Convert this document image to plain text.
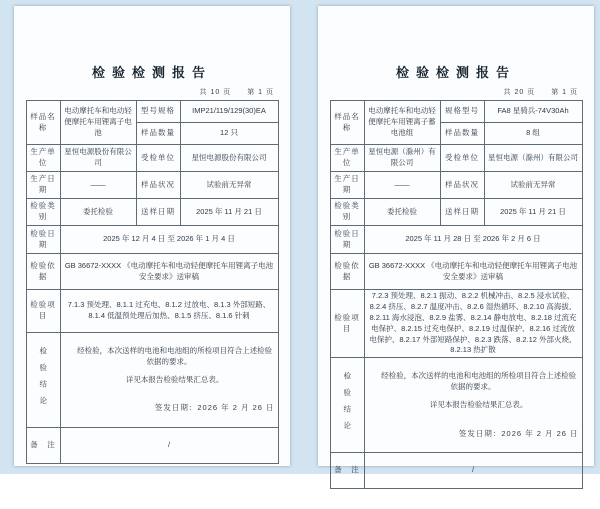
检验检测报告
共 10 页　　第 1 页
样品名称	电动摩托车和电动轻便摩托车用锂离子电池	型号规格	IMP21/119/129(30)EA
		样品数量	12 只
生产单位	星恒电源股份有限公司	受检单位	星恒电源股份有限公司
生产日期	——	样品状况	试验前无异常
检验类别	委托检验	送样日期	2025 年 11 月 21 日
检验日期	2025 年 12 月 4 日 至 2026 年 1 月 4 日		
检验依据	GB 36672-XXXX 《电动摩托车和电动轻便摩托车用锂离子电池安全要求》送审稿		
检验项目	7.1.3 预处理、8.1.1 过充电、8.1.2 过放电、8.1.3 外部短路、8.1.4 低温预处理后加热、8.1.5 挤压、8.1.6 针刺		

检验结论	经检验，本次送样的电池和电池组的所检项目符合上述检验依据的要求。
详见本报告检验结果汇总表。
签发日期：2026 年 2 月 26 日		

备　注	/		
检验检测报告
共 20 页　　第 1 页
样品名称	电动摩托车和电动轻便摩托车用锂离子蓄电池组	规格型号	FA8 星骑兵-74V30Ah
		样品数量	8 组
生产单位	星恒电源（滁州）有限公司	受检单位	星恒电源（滁州）有限公司
生产日期	——	样品状况	试验前无异常
检验类别	委托检验	送样日期	2025 年 11 月 21 日
检验日期	2025 年 11 月 28 日 至 2026 年 2 月 6 日		
检验依据	GB 36672-XXXX 《电动摩托车和电动轻便摩托车用锂离子电池安全要求》送审稿		
检验项目	7.2.3 预处理、8.2.1 振动、8.2.2 机械冲击、8.2.5 浸水试验、8.2.4 挤压、8.2.7 温度冲击、8.2.6 湿热循环、8.2.10 高海拔、8.2.11 海水浸泡、8.2.9 盐雾、8.2.14 静电放电、8.2.18 过流充电保护、8.2.15 过充电保护、8.2.19 过温保护、8.2.16 过流放电保护、8.2.17 外部短路保护、8.2.3 跌落、8.2.12 外部火烧、8.2.13 热扩散		

检验结论	经检验，本次送样的电池和电池组的所检项目符合上述检验依据的要求。
详见本报告检验结果汇总表。
签发日期：2026 年 2 月 26 日		

备　注	/		
